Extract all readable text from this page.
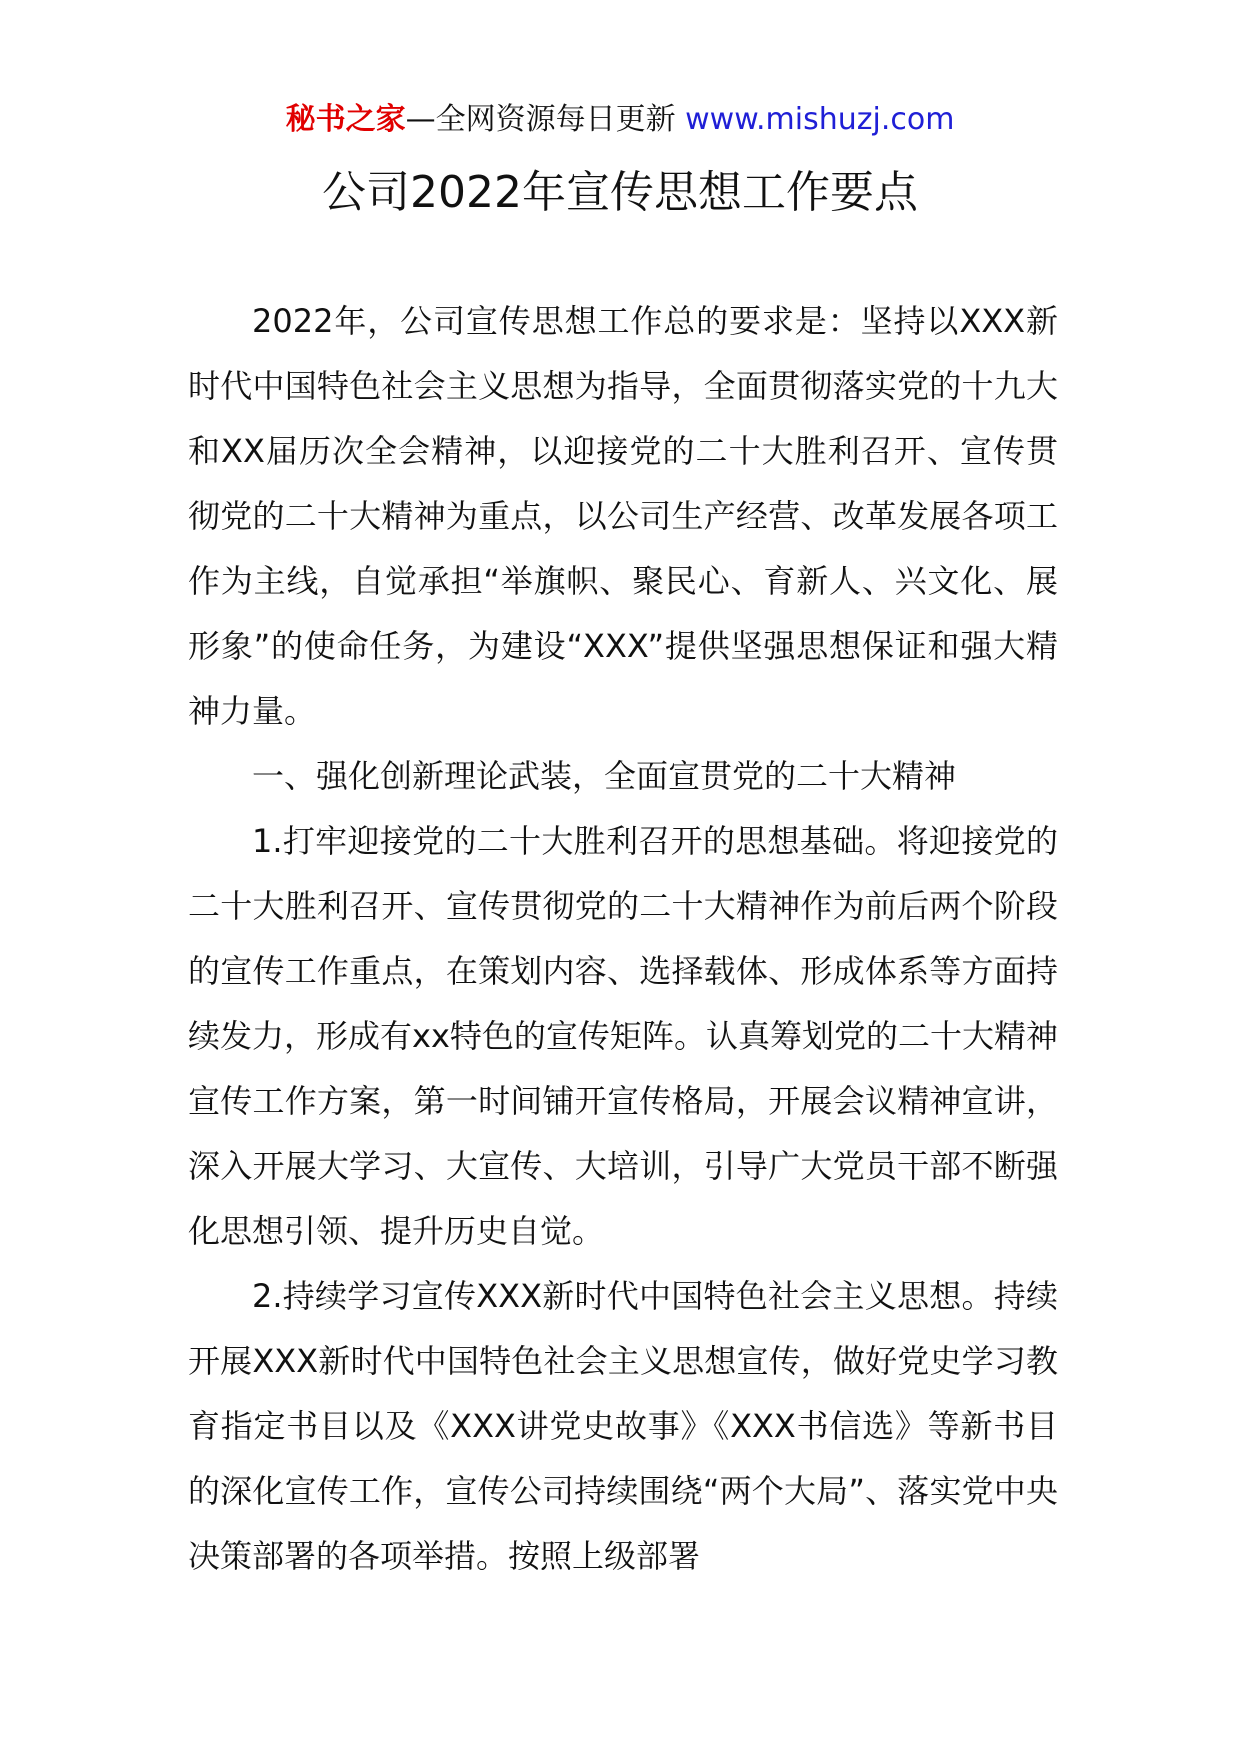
秘书之家—全网资源每日更新 www.mishuzj.com
公司2022年宣传思想工作要点

2022年，公司宣传思想工作总的要求是：坚持以XXX新时代中国特色社会主义思想为指导，全面贯彻落实党的十九大和XX届历次全会精神，以迎接党的二十大胜利召开、宣传贯彻党的二十大精神为重点，以公司生产经营、改革发展各项工作为主线，自觉承担“举旗帜、聚民心、育新人、兴文化、展形象”的使命任务，为建设“XXX”提供坚强思想保证和强大精神力量。

一、强化创新理论武装，全面宣贯党的二十大精神

1.打牢迎接党的二十大胜利召开的思想基础。将迎接党的二十大胜利召开、宣传贯彻党的二十大精神作为前后两个阶段的宣传工作重点，在策划内容、选择载体、形成体系等方面持续发力，形成有xx特色的宣传矩阵。认真筹划党的二十大精神宣传工作方案，第一时间铺开宣传格局，开展会议精神宣讲，深入开展大学习、大宣传、大培训，引导广大党员干部不断强化思想引领、提升历史自觉。

2.持续学习宣传XXX新时代中国特色社会主义思想。持续开展XXX新时代中国特色社会主义思想宣传，做好党史学习教育指定书目以及《XXX讲党史故事》《XXX书信选》等新书目的深化宣传工作，宣传公司持续围绕“两个大局”、落实党中央决策部署的各项举措。按照上级部署
